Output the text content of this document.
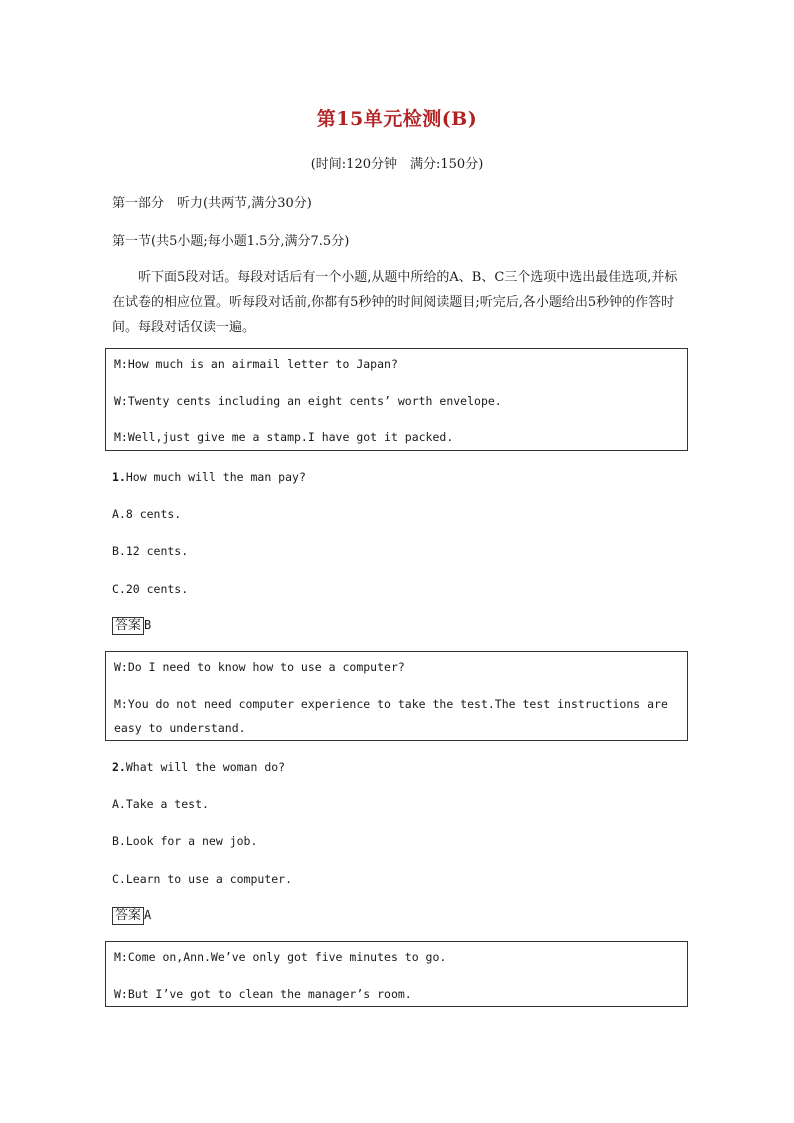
第15单元检测(B)
(时间:120分钟　满分:150分)
第一部分　听力(共两节,满分30分)
第一节(共5小题;每小题1.5分,满分7.5分)
听下面5段对话。每段对话后有一个小题,从题中所给的A、B、C三个选项中选出最佳选项,并标在试卷的相应位置。听每段对话前,你都有5秒钟的时间阅读题目;听完后,各小题给出5秒钟的作答时间。每段对话仅读一遍。
M:How much is an airmail letter to Japan?
W:Twenty cents including an eight cents’ worth envelope.
M:Well,just give me a stamp.I have got it packed.
1.How much will the man pay?
A.8 cents.
B.12 cents.
C.20 cents.
答案 B
W:Do I need to know how to use a computer?
M:You do not need computer experience to take the test.The test instructions are easy to understand.
2.What will the woman do?
A.Take a test.
B.Look for a new job.
C.Learn to use a computer.
答案 A
M:Come on,Ann.We’ve only got five minutes to go.
W:But I’ve got to clean the manager’s room.
